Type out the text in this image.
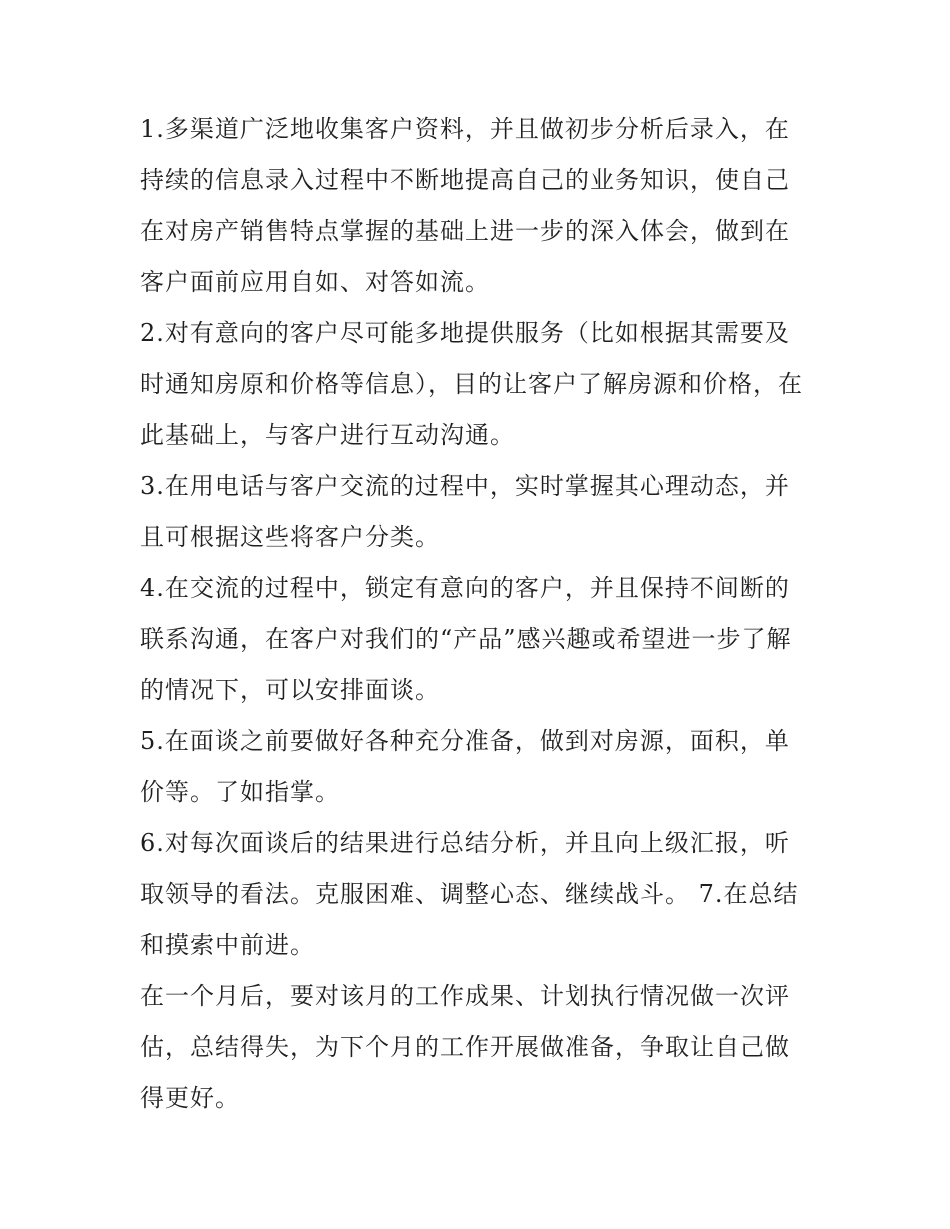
1.多渠道广泛地收集客户资料，并且做初步分析后录入，在持续的信息录入过程中不断地提高自己的业务知识，使自己在对房产销售特点掌握的基础上进一步的深入体会，做到在客户面前应用自如、对答如流。

2.对有意向的客户尽可能多地提供服务（比如根据其需要及时通知房原和价格等信息），目的让客户了解房源和价格，在此基础上，与客户进行互动沟通。

3.在用电话与客户交流的过程中，实时掌握其心理动态，并且可根据这些将客户分类。

4.在交流的过程中，锁定有意向的客户，并且保持不间断的联系沟通，在客户对我们的“产品”感兴趣或希望进一步了解的情况下，可以安排面谈。

5.在面谈之前要做好各种充分准备，做到对房源，面积，单价等。了如指掌。

6.对每次面谈后的结果进行总结分析，并且向上级汇报，听取领导的看法。克服困难、调整心态、继续战斗。 7.在总结和摸索中前进。

在一个月后，要对该月的工作成果、计划执行情况做一次评估，总结得失，为下个月的工作开展做准备，争取让自己做得更好。
